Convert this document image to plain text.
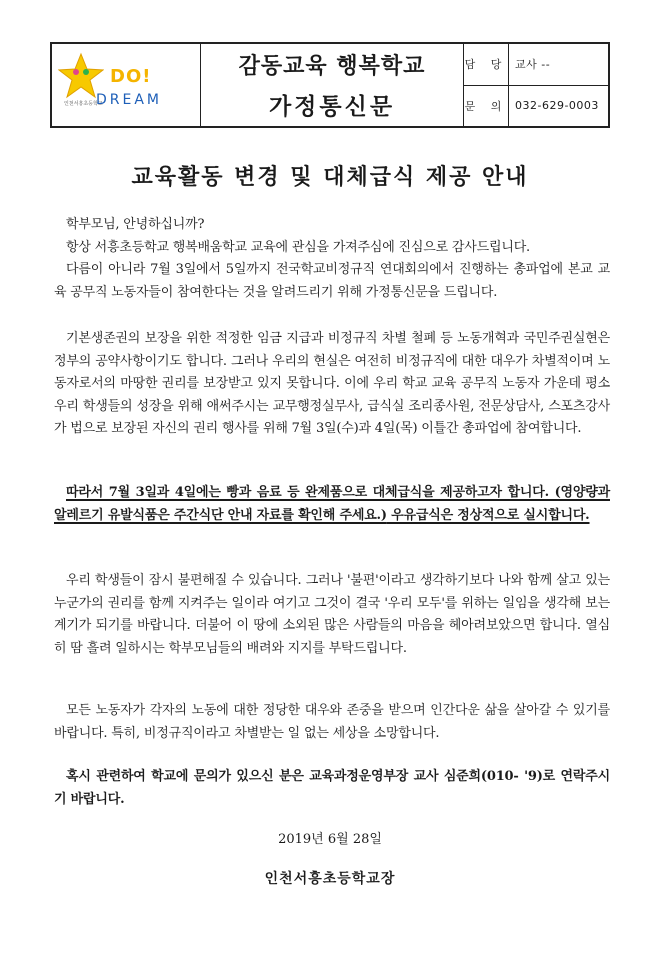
인천서흥초등학교
DO!
DREAM
감동교육 행복학교
가정통신문
담 당 교사 --
문 의 032-629-0003
교육활동 변경 및 대체급식 제공 안내

학부모님, 안녕하십니까?

항상 서흥초등학교 행복배움학교 교육에 관심을 가져주심에 진심으로 감사드립니다.

다름이 아니라 7월 3일에서 5일까지 전국학교비정규직 연대회의에서 진행하는 총파업에 본교 교육 공무직 노동자들이 참여한다는 것을 알려드리기 위해 가정통신문을 드립니다.

기본생존권의 보장을 위한 적정한 임금 지급과 비정규직 차별 철폐 등 노동개혁과 국민주권실현은 정부의 공약사항이기도 합니다. 그러나 우리의 현실은 여전히 비정규직에 대한 대우가 차별적이며 노동자로서의 마땅한 권리를 보장받고 있지 못합니다. 이에 우리 학교 교육 공무직 노동자 가운데 평소 우리 학생들의 성장을 위해 애써주시는 교무행정실무사, 급식실 조리종사원, 전문상담사, 스포츠강사가 법으로 보장된 자신의 권리 행사를 위해 7월 3일(수)과 4일(목) 이틀간 총파업에 참여합니다.

따라서 7월 3일과 4일에는 빵과 음료 등 완제품으로 대체급식을 제공하고자 합니다. (영양량과 알레르기 유발식품은 주간식단 안내 자료를 확인해 주세요.) 우유급식은 정상적으로 실시합니다.

우리 학생들이 잠시 불편해질 수 있습니다. 그러나 '불편'이라고 생각하기보다 나와 함께 살고 있는 누군가의 권리를 함께 지켜주는 일이라 여기고 그것이 결국 '우리 모두'를 위하는 일임을 생각해 보는 계기가 되기를 바랍니다. 더불어 이 땅에 소외된 많은 사람들의 마음을 헤아려보았으면 합니다. 열심히 땀 흘려 일하시는 학부모님들의 배려와 지지를 부탁드립니다.

모든 노동자가 각자의 노동에 대한 정당한 대우와 존중을 받으며 인간다운 삶을 살아갈 수 있기를 바랍니다. 특히, 비정규직이라고 차별받는 일 없는 세상을 소망합니다.

혹시 관련하여 학교에 문의가 있으신 분은 교육과정운영부장 교사 심준희(010- '9)로 연락주시기 바랍니다.

2019년 6월 28일
인천서흥초등학교장
